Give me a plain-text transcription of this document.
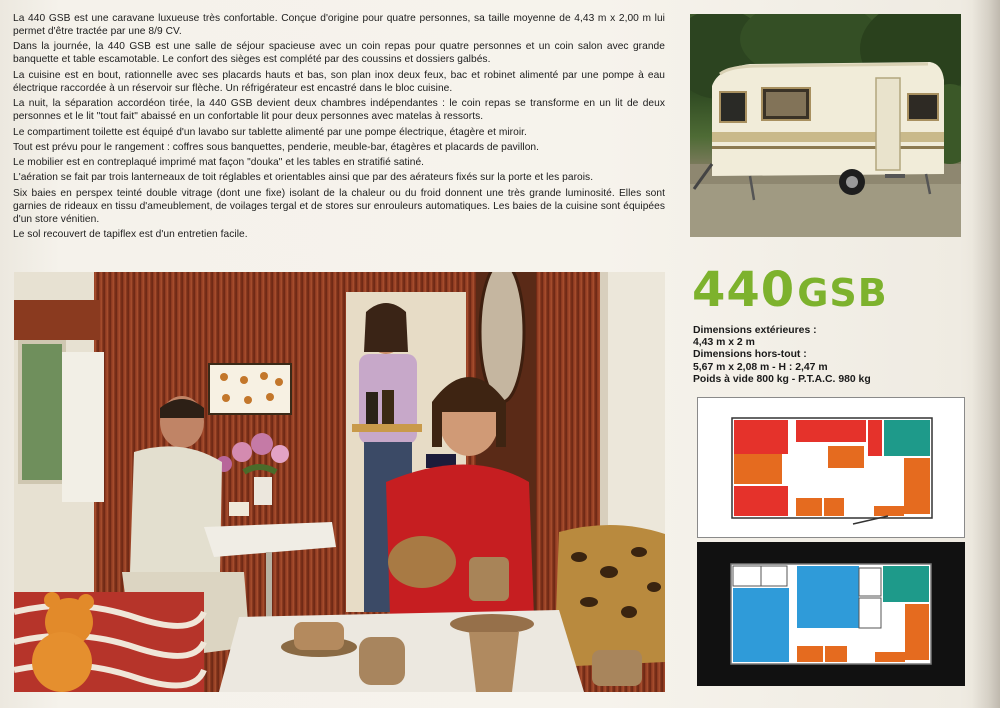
La 440 GSB est une caravane luxueuse très confortable. Conçue d'origine pour quatre personnes, sa taille moyenne de 4,43 m x 2,00 m lui permet d'être tractée par une 8/9 CV.

Dans la journée, la 440 GSB est une salle de séjour spacieuse avec un coin repas pour quatre personnes et un coin salon avec grande banquette et table escamotable. Le confort des sièges est complété par des coussins et dossiers galbés.

La cuisine est en bout, rationnelle avec ses placards hauts et bas, son plan inox deux feux, bac et robinet alimenté par une pompe à eau électrique raccordée à un réservoir sur flèche. Un réfrigérateur est encastré dans le bloc cuisine.

La nuit, la séparation accordéon tirée, la 440 GSB devient deux chambres indépendantes : le coin repas se transforme en un lit de deux personnes et le lit "tout fait" abaissé en un confortable lit pour deux personnes avec matelas à ressorts.

Le compartiment toilette est équipé d'un lavabo sur tablette alimenté par une pompe électrique, étagère et miroir.

Tout est prévu pour le rangement : coffres sous banquettes, penderie, meuble-bar, étagères et placards de pavillon.

Le mobilier est en contreplaqué imprimé mat façon "douka" et les tables en stratifié satiné.

L'aération se fait par trois lanterneaux de toit réglables et orientables ainsi que par des aérateurs fixés sur la porte et les parois.

Six baies en perspex teinté double vitrage (dont une fixe) isolant de la chaleur ou du froid donnent une très grande luminosité. Elles sont garnies de rideaux en tissu d'ameublement, de voilages tergal et de stores sur enrouleurs automatiques. Les baies de la cuisine sont équipées d'un store vénitien.

Le sol recouvert de tapiflex est d'un entretien facile.

440GSB
Dimensions extérieures :
4,43 m x 2 m
Dimensions hors-tout :
5,67 m x 2,08 m - H : 2,47 m
Poids à vide 800 kg - P.T.A.C. 980 kg
